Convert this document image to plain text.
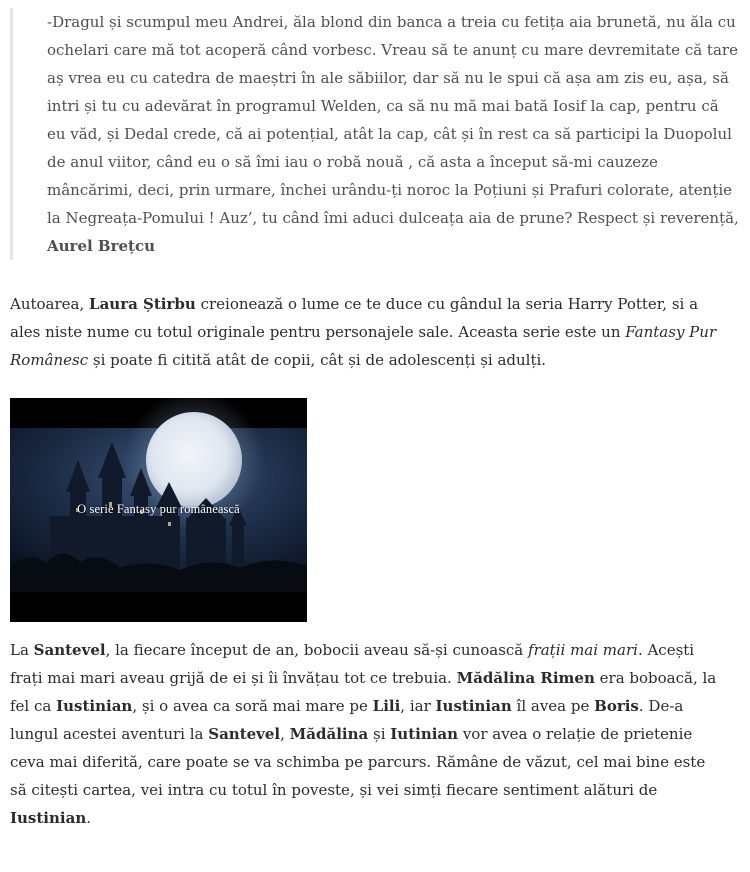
-Dragul și scumpul meu Andrei, ăla blond din banca a treia cu fetița aia brunetă, nu ăla cu ochelari care mă tot acoperă când vorbesc. Vreau să te anunț cu mare devremitate că tare aș vrea eu cu catedra de maeștri în ale săbiilor, dar să nu le spui că așa am zis eu, așa, să intri și tu cu adevărat în programul Welden, ca să nu mă mai bată Iosif la cap, pentru că eu văd, și Dedal crede, că ai potențial, atât la cap, cât și în rest ca să participi la Duopolul de anul viitor, când eu o să îmi iau o robă nouă , că asta a început să-mi cauzeze mâncărimi, deci, prin urmare, închei urându-ți noroc la Poțiuni și Prafuri colorate, atenție la Negreața-Pomului ! Auz’, tu când îmi aduci dulceața aia de prune? Respect și reverență, Aurel Brețcu

Autoarea, Laura Știrbu creionează o lume ce te duce cu gândul la seria Harry Potter, si a ales niste nume cu totul originale pentru personajele sale. Aceasta serie este un Fantasy Pur Românesc și poate fi citită atât de copii, cât și de adolescenți și adulți.

O serie Fantasy pur românească

La Santevel, la fiecare început de an, bobocii aveau să-și cunoască frații mai mari. Acești frați mai mari aveau grijă de ei și îi învățau tot ce trebuia. Mădălina Rimen era boboacă, la fel ca Iustinian, și o avea ca soră mai mare pe Lili, iar Iustinian îl avea pe Boris. De-a lungul acestei aventuri la Santevel, Mădălina și Iutinian vor avea o relație de prietenie ceva mai diferită, care poate se va schimba pe parcurs. Rămâne de văzut, cel mai bine este să citești cartea, vei intra cu totul în poveste, și vei simți fiecare sentiment alături de Iustinian.
